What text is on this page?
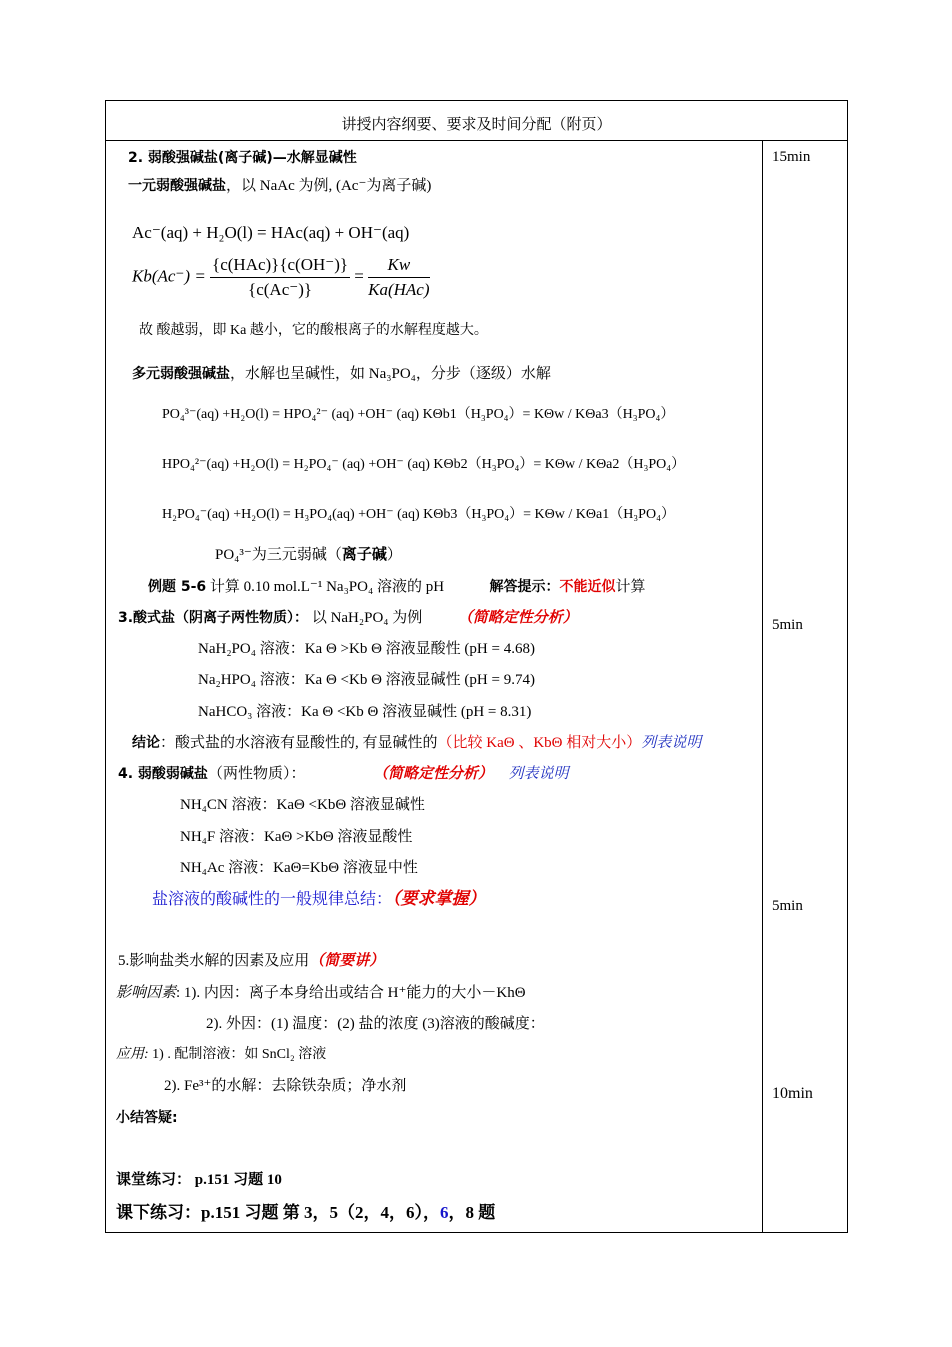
讲授内容纲要、要求及时间分配（附页）
15min
5min
5min
10min
2. 弱酸强碱盐(离子碱)—水解显碱性
一元弱酸强碱盐，以 NaAc 为例, (Ac⁻为离子碱)
Ac⁻(aq) + H₂O(l) = HAc(aq) + OH⁻(aq)
$Kb(Ac^-) = \frac{\text{\{c(HAc)\}\{c(OH⁻)\}}}{\{c(Ac^-)\}} = \frac{Kw}{\text{Ka(HAc)}}$
故 酸越弱，即 Ka 越小，它的酸根离子的水解程度越大。
多元弱酸强碱盐，水解也呈碱性，如 Na₃PO₄，分步（逐级）水解
PO₄³⁻(aq) +H₂O(l) = HPO₄²⁻ (aq) +OH⁻ (aq) KΘb1（H₃PO₄）= KΘw / KΘa3（H₃PO₄）
HPO₄²⁻(aq) +H₂O(l) = H₂PO₄⁻ (aq) +OH⁻ (aq) KΘb2（H₃PO₄）= KΘw / KΘa2（H₃PO₄）
H₂PO₄⁻(aq) +H₂O(l) = H₃PO₄(aq) +OH⁻ (aq) KΘb3（H₃PO₄）= KΘw / KΘa1（H₃PO₄）
PO₄³⁻为三元弱碱（离子碱）
例题 5-6 计算 0.10 mol.L⁻¹ Na₃PO₄ 溶液的 pH	解答提示：不能近似计算
3.酸式盐（阴离子两性物质）： 以 NaH₂PO₄ 为例 （简略定性分析）
NaH₂PO₄ 溶液：Ka Θ >Kb Θ 溶液显酸性 (pH = 4.68)
Na₂HPO₄ 溶液：Ka Θ <Kb Θ 溶液显碱性 (pH = 9.74)
NaHCO₃ 溶液：Ka Θ <Kb Θ 溶液显碱性 (pH = 8.31)
结论：酸式盐的水溶液有显酸性的, 有显碱性的（比较 KaΘ 、KbΘ 相对大小）列表说明
4. 弱酸弱碱盐（两性物质）：	（简略定性分析） 列表说明
NH₄CN 溶液：KaΘ <KbΘ 溶液显碱性
NH₄F 溶液：KaΘ >KbΘ 溶液显酸性
NH₄Ac 溶液：KaΘ=KbΘ 溶液显中性
盐溶液的酸碱性的一般规律总结：（要求掌握）
5.影响盐类水解的因素及应用（简要讲）
影响因素: 1). 内因：离子本身给出或结合 H⁺能力的大小－KhΘ
2). 外因：(1) 温度：(2) 盐的浓度 (3)溶液的酸碱度：
应用: 1) . 配制溶液：如 SnCl₂ 溶液
2). Fe³⁺的水解：去除铁杂质；净水剂
小结答疑:
课堂练习： p.151 习题 10
课下练习：p.151 习题 第 3，5（2，4，6），6，8 题
